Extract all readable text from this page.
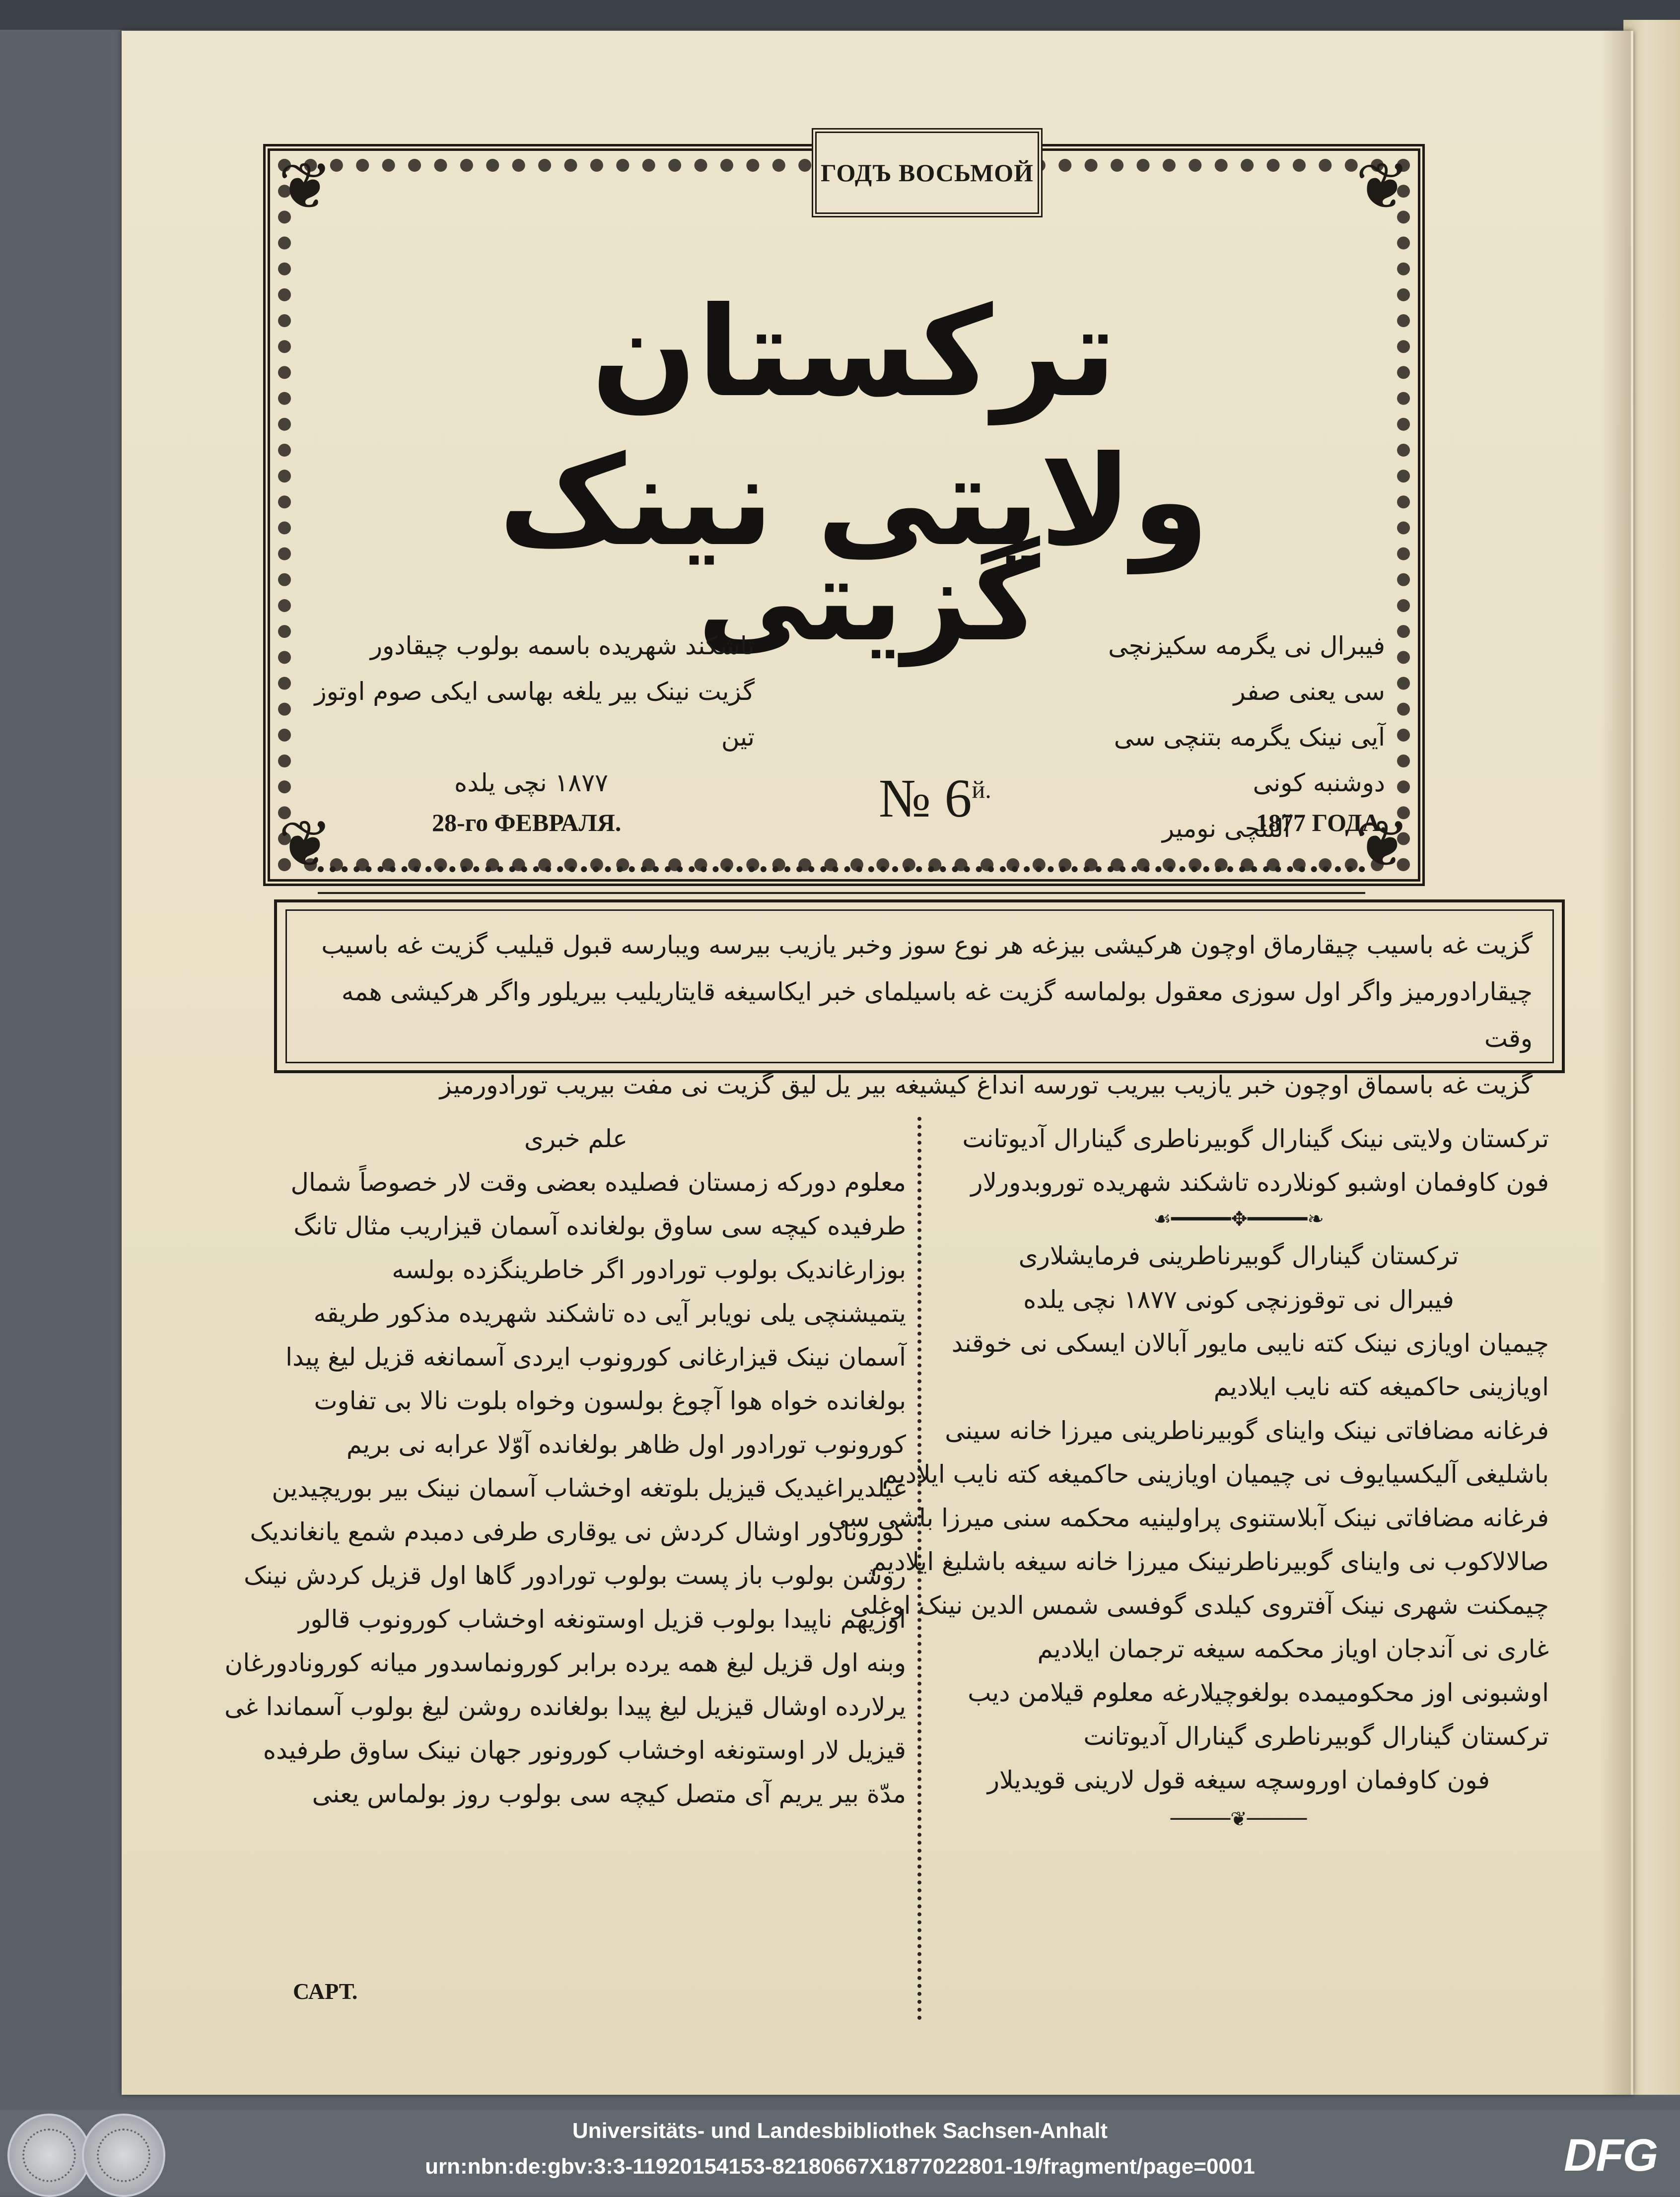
❦	❦
❦	❦
ГОДЪ ВОСЬМОЙ
ترکستان ولایتی نینک
گزیتی
تاشکند شهریده باسمه بولوب چیقادور
گزیت نینک بیر یلغه بهاسی ایکی صوم اوتوز تین
۱۸۷۷ نچی یلده
فیبرال نی یگرمه سکیزنچی سی یعنی صفر
آیی نینک یگرمه بتنچی سی دوشنبه کونی
آلتنچی نومیر
28-го ФЕВРАЛЯ.	№ $6^{й.}$
1877 ГОДА.
گزیت غه باسیب چیقارماق اوچون هرکیشی بیزغه هر نوع سوز وخبر یازیب بیرسه ویبارسه قبول قیلیب گزیت غه باسیب
چیقارادورمیز واگر اول سوزی معقول بولماسه گزیت غه باسیلمای خبر ایکاسیغه قایتاریلیب بیریلور واگر هرکیشی همه وقت
گزیت غه باسماق اوچون خبر یازیب بیریب تورسه انداغ کیشیغه بیر یل لیق گزیت نی مفت بیریب تورادورمیز

ترکستان ولایتی نینک گینارال گوبیرناطری گینارال آدیوتانت

فون کاوفمان اوشبو کونلارده تاشکند شهریده توروبدورلار

❧━━━━━✥━━━━━☙

ترکستان گینارال گوبیرناطرینی فرمایشلاری

فیبرال نی توقوزنچی کونی ۱۸۷۷ نچی یلده

چیمیان اویازی نینک کته نایبی مایور آبالان ایسکی نی خوقند

اویازینی حاکمیغه کته نایب ایلادیم

فرغانه مضافاتی نینک واینای گوبیرناطرینی میرزا خانه سینی

باشلیغی آلیکسیایوف نی چیمیان اویازینی حاکمیغه کته نایب ایلادیم

فرغانه مضافاتی نینک آبلاستنوی پراولینیه محکمه سنی میرزا باشی سی

صالالاکوب نی واینای گوبیرناطرنینک میرزا خانه سیغه باشلیغ ایلادیم

چیمکنت شهری نینک آفتروی کیلدی گوفسی شمس الدین نینک اوغلی

غاری نی آندجان اویاز محکمه سیغه ترجمان ایلادیم

اوشبونی اوز محکومیمده بولغوچیلارغه معلوم قیلامن دیب

ترکستان گینارال گوبیرناطری گینارال آدیوتانت

فون کاوفمان اوروسچه سیغه قول لارینی قویدیلار

─────❦─────

علم خبری

معلوم دورکه زمستان فصلیده بعضی وقت لار خصوصاً شمال

طرفیده کیچه سی ساوق بولغانده آسمان قیزاریب مثال تانگ

بوزارغاندیک بولوب تورادور اگر خاطرینگزده بولسه

یتمیشنچی یلی نویابر آیی ده تاشکند شهریده مذکور طریقه

آسمان نینک قیزارغانی کورونوب ایردی آسمانغه قزیل لیغ پیدا

بولغانده خواه هوا آچوغ بولسون وخواه بلوت نالا بی تفاوت

کورونوب تورادور اول ظاهر بولغانده آوّلا عرابه نی بریم

غیلدیراغیدیک قیزیل بلوتغه اوخشاب آسمان نینک بیر بوریچیدین

کورونادور اوشال کردش نی یوقاری طرفی دمبدم شمع یانغاندیک

روشن بولوب باز پست بولوب تورادور گاها اول قزیل کردش نینک

اوزیهم ناپیدا بولوب قزیل اوستونغه اوخشاب کورونوب قالور

وبنه اول قزیل لیغ همه یرده برابر کورونماسدور میانه کورونادورغان

یرلارده اوشال قیزیل لیغ پیدا بولغانده روشن لیغ بولوب آسماندا غی

قیزیل لار اوستونغه اوخشاب کورونور جهان نینک ساوق طرفیده

مدّة بیر یریم آی متصل کیچه سی بولوب روز بولماس یعنی

САРТ.
Universitäts- und Landesbibliothek Sachsen-Anhalt
urn:nbn:de:gbv:3:3-11920154153-82180667X1877022801-19/fragment/page=0001	DFG
